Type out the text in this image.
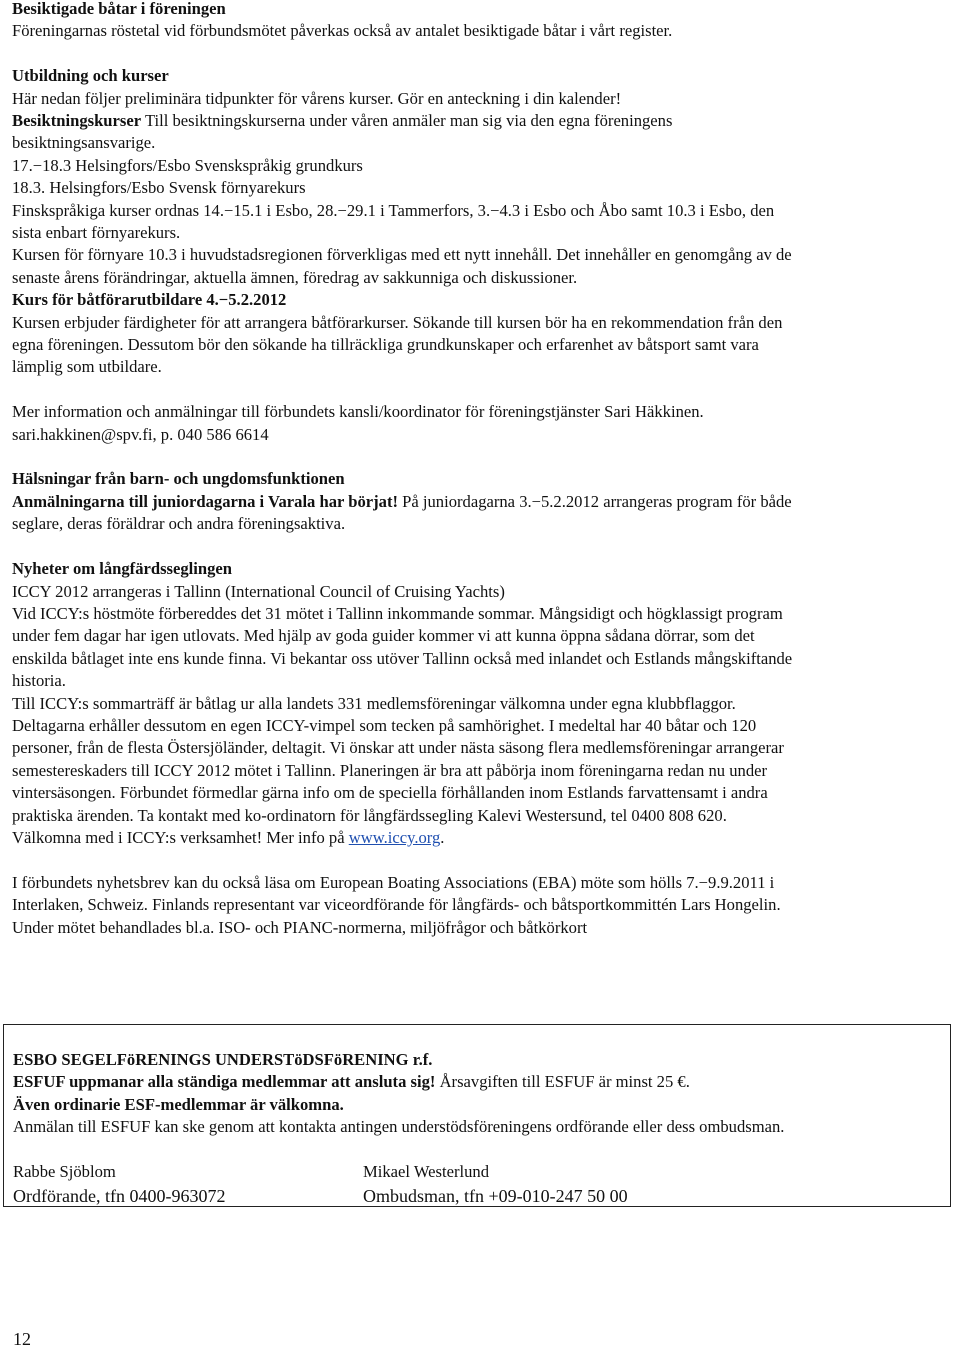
Besiktigade båtar i föreningen
Föreningarnas röstetal vid förbundsmötet påverkas också av antalet besiktigade båtar i vårt register.
Utbildning och kurser
Här nedan följer preliminära tidpunkter för vårens kurser. Gör en anteckning i din kalender!
Besiktningskurser Till besiktningskurserna under våren anmäler man sig via den egna föreningens
besiktningsansvarige.
17.−18.3 Helsingfors/Esbo Svenskspråkig grundkurs
18.3. Helsingfors/Esbo Svensk förnyarekurs
Finskspråkiga kurser ordnas 14.−15.1 i Esbo, 28.−29.1 i Tammerfors, 3.−4.3 i Esbo och Åbo samt 10.3 i Esbo, den
sista enbart förnyarekurs.
Kursen för förnyare 10.3 i huvudstadsregionen förverkligas med ett nytt innehåll. Det innehåller en genomgång av de
senaste årens förändringar, aktuella ämnen, föredrag av sakkunniga och diskussioner.
Kurs för båtförarutbildare 4.−5.2.2012
Kursen erbjuder färdigheter för att arrangera båtförarkurser. Sökande till kursen bör ha en rekommendation från den
egna föreningen. Dessutom bör den sökande ha tillräckliga grundkunskaper och erfarenhet av båtsport samt vara
lämplig som utbildare.
Mer information och anmälningar till förbundets kansli/koordinator för föreningstjänster Sari Häkkinen.
sari.hakkinen@spv.fi, p. 040 586 6614
Hälsningar från barn- och ungdomsfunktionen
Anmälningarna till juniordagarna i Varala har börjat! På juniordagarna 3.−5.2.2012 arrangeras program för både
seglare, deras föräldrar och andra föreningsaktiva.
Nyheter om långfärdsseglingen
ICCY 2012 arrangeras i Tallinn (International Council of Cruising Yachts)
Vid ICCY:s höstmöte förbereddes det 31 mötet i Tallinn inkommande sommar. Mångsidigt och högklassigt program
under fem dagar har igen utlovats. Med hjälp av goda guider kommer vi att kunna öppna sådana dörrar, som det
enskilda båtlaget inte ens kunde finna. Vi bekantar oss utöver Tallinn också med inlandet och Estlands mångskiftande
historia.
Till ICCY:s sommarträff är båtlag ur alla landets 331 medlemsföreningar välkomna under egna klubbflaggor.
Deltagarna erhåller dessutom en egen ICCY-vimpel som tecken på samhörighet. I medeltal har 40 båtar och 120
personer, från de flesta Östersjöländer, deltagit. Vi önskar att under nästa säsong flera medlemsföreningar arrangerar
semestereskaders till ICCY 2012 mötet i Tallinn. Planeringen är bra att påbörja inom föreningarna redan nu under
vintersäsongen. Förbundet förmedlar gärna info om de speciella förhållanden inom Estlands farvattensamt i andra
praktiska ärenden. Ta kontakt med ko-ordinatorn för långfärdssegling Kalevi Westersund, tel 0400 808 620.
Välkomna med i ICCY:s verksamhet! Mer info på www.iccy.org.
I förbundets nyhetsbrev kan du också läsa om European Boating Associations (EBA) möte som hölls 7.−9.9.2011 i
Interlaken, Schweiz. Finlands representant var viceordförande för långfärds- och båtsportkommittén Lars Hongelin.
Under mötet behandlades bl.a. ISO- och PIANC-normerna, miljöfrågor och båtkörkort
ESBO SEGELFöRENINGS UNDERSTöDSFöRENING r.f.
ESFUF uppmanar alla ständiga medlemmar att ansluta sig! Årsavgiften till ESFUF är minst 25 €.
Även ordinarie ESF-medlemmar är välkomna.
Anmälan till ESFUF kan ske genom att kontakta antingen understödsföreningens ordförande eller dess ombudsman.
Rabbe Sjöblom	Mikael Westerlund
Ordförande, tfn 0400-963072	Ombudsman, tfn +09-010-247 50 00
12
